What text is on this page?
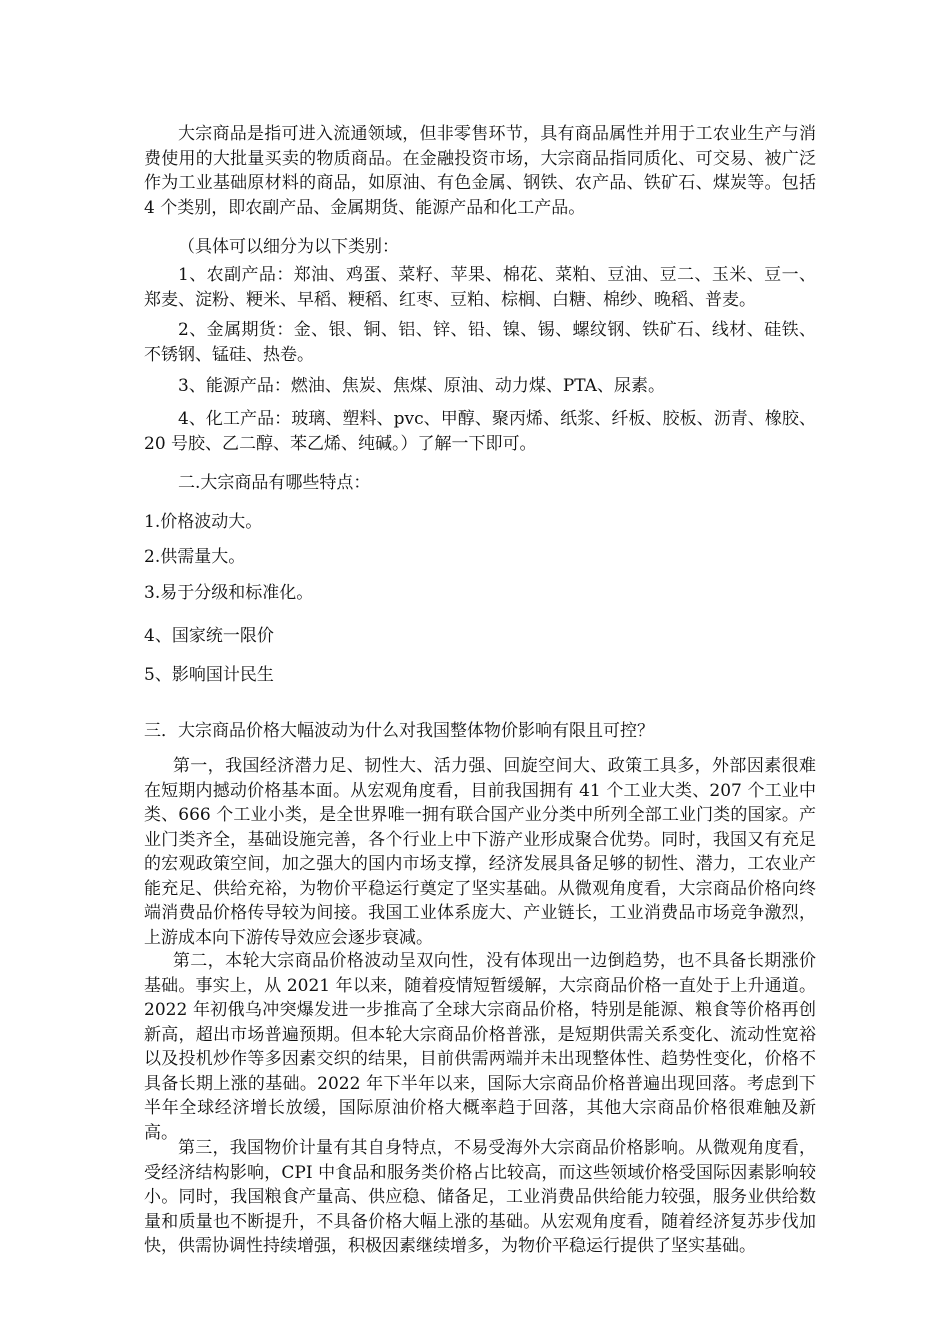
大宗商品是指可进入流通领域，但非零售环节，具有商品属性并用于工农业生产与消费使用的大批量买卖的物质商品。在金融投资市场，大宗商品指同质化、可交易、被广泛作为工业基础原材料的商品，如原油、有色金属、钢铁、农产品、铁矿石、煤炭等。包括 4 个类别，即农副产品、金属期货、能源产品和化工产品。

（具体可以细分为以下类别：

1、农副产品：郑油、鸡蛋、菜籽、苹果、棉花、菜粕、豆油、豆二、玉米、豆一、郑麦、淀粉、粳米、早稻、粳稻、红枣、豆粕、棕榈、白糖、棉纱、晚稻、普麦。

2、金属期货：金、银、铜、铝、锌、铅、镍、锡、螺纹钢、铁矿石、线材、硅铁、不锈钢、锰硅、热卷。

3、能源产品：燃油、焦炭、焦煤、原油、动力煤、PTA、尿素。

4、化工产品：玻璃、塑料、pvc、甲醇、聚丙烯、纸浆、纤板、胶板、沥青、橡胶、20 号胶、乙二醇、苯乙烯、纯碱。）了解一下即可。

二.大宗商品有哪些特点：

1.价格波动大。

2.供需量大。

3.易于分级和标准化。

4、国家统一限价

5、影响国计民生

三．大宗商品价格大幅波动为什么对我国整体物价影响有限且可控？

第一，我国经济潜力足、韧性大、活力强、回旋空间大、政策工具多，外部因素很难在短期内撼动价格基本面。从宏观角度看，目前我国拥有 41 个工业大类、207 个工业中类、666 个工业小类，是全世界唯一拥有联合国产业分类中所列全部工业门类的国家。产业门类齐全，基础设施完善，各个行业上中下游产业形成聚合优势。同时，我国又有充足的宏观政策空间，加之强大的国内市场支撑，经济发展具备足够的韧性、潜力，工农业产能充足、供给充裕，为物价平稳运行奠定了坚实基础。从微观角度看，大宗商品价格向终端消费品价格传导较为间接。我国工业体系庞大、产业链长，工业消费品市场竞争激烈，上游成本向下游传导效应会逐步衰减。

第二，本轮大宗商品价格波动呈双向性，没有体现出一边倒趋势，也不具备长期涨价基础。事实上，从 2021 年以来，随着疫情短暂缓解，大宗商品价格一直处于上升通道。2022 年初俄乌冲突爆发进一步推高了全球大宗商品价格，特别是能源、粮食等价格再创新高，超出市场普遍预期。但本轮大宗商品价格普涨，是短期供需关系变化、流动性宽裕以及投机炒作等多因素交织的结果，目前供需两端并未出现整体性、趋势性变化，价格不具备长期上涨的基础。2022 年下半年以来，国际大宗商品价格普遍出现回落。考虑到下半年全球经济增长放缓，国际原油价格大概率趋于回落，其他大宗商品价格很难触及新高。

第三，我国物价计量有其自身特点，不易受海外大宗商品价格影响。从微观角度看，受经济结构影响，CPI 中食品和服务类价格占比较高，而这些领域价格受国际因素影响较小。同时，我国粮食产量高、供应稳、储备足，工业消费品供给能力较强，服务业供给数量和质量也不断提升，不具备价格大幅上涨的基础。从宏观角度看，随着经济复苏步伐加快，供需协调性持续增强，积极因素继续增多，为物价平稳运行提供了坚实基础。
